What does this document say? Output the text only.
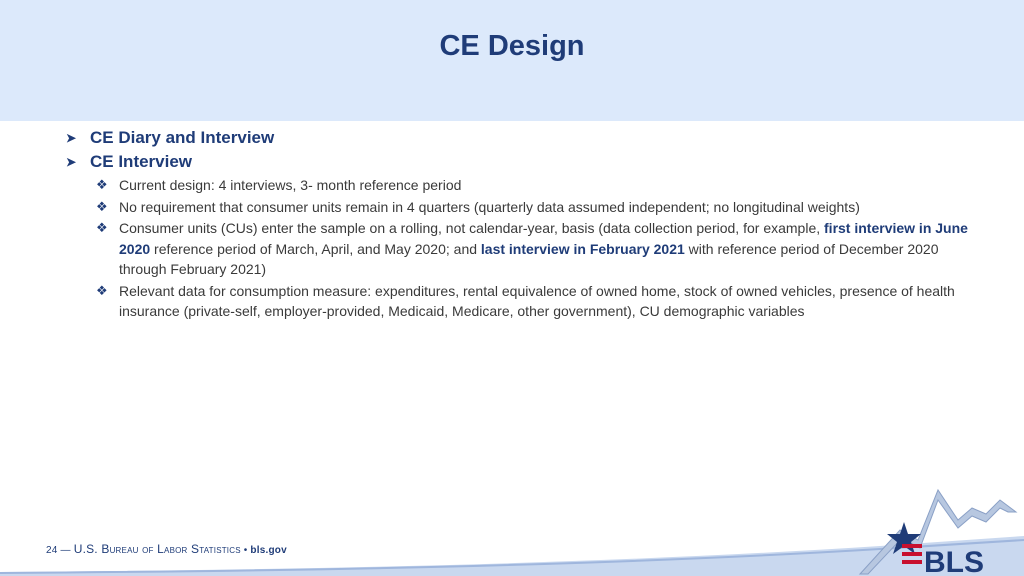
CE Design
➤ CE Diary and Interview
➤ CE Interview
❖ Current design: 4 interviews, 3- month reference period
❖ No requirement that consumer units remain in 4 quarters (quarterly data assumed independent; no longitudinal weights)
❖ Consumer units (CUs) enter the sample on a rolling, not calendar-year, basis (data collection period, for example, first interview in June 2020 reference period of March, April, and May 2020; and last interview in February 2021 with reference period of December 2020 through February 2021)
❖ Relevant data for consumption measure: expenditures, rental equivalence of owned home, stock of owned vehicles, presence of health insurance (private-self, employer-provided, Medicaid, Medicare, other government), CU demographic variables
24 — U.S. Bureau of Labor Statistics • bls.gov	BLS
